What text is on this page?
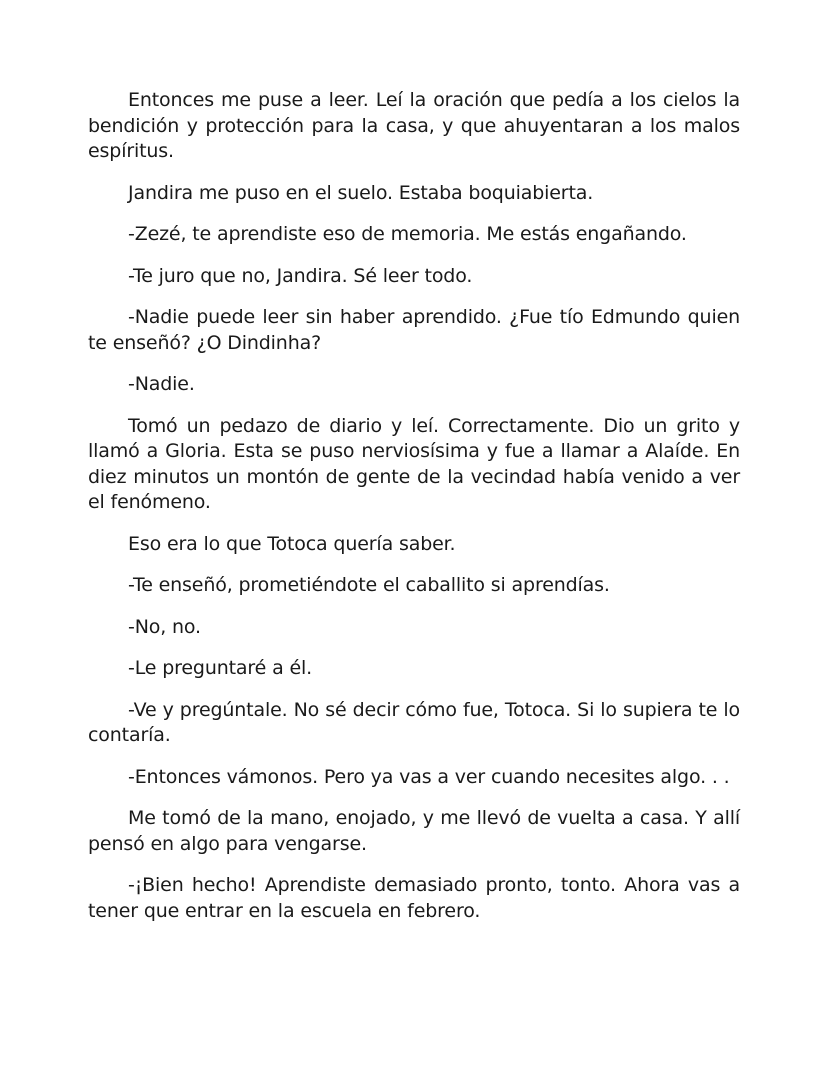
Entonces me puse a leer. Leí la oración que pedía a los cielos la bendición y protección para la casa, y que ahuyentaran a los malos espíritus.

Jandira me puso en el suelo. Estaba boquiabierta.

-Zezé, te aprendiste eso de memoria. Me estás engañando.

-Te juro que no, Jandira. Sé leer todo.

-Nadie puede leer sin haber aprendido. ¿Fue tío Edmundo quien te enseñó? ¿O Dindinha?

-Nadie.

Tomó un pedazo de diario y leí. Correctamente. Dio un grito y llamó a Gloria. Esta se puso nerviosísima y fue a llamar a Alaíde. En diez minutos un montón de gente de la vecindad había venido a ver el fenómeno.

Eso era lo que Totoca quería saber.

-Te enseñó, prometiéndote el caballito si aprendías.

-No, no.

-Le preguntaré a él.

-Ve y pregúntale. No sé decir cómo fue, Totoca. Si lo supiera te lo contaría.

-Entonces vámonos. Pero ya vas a ver cuando necesites algo. . .

Me tomó de la mano, enojado, y me llevó de vuelta a casa. Y allí pensó en algo para vengarse.

-¡Bien hecho! Aprendiste demasiado pronto, tonto. Ahora vas a tener que entrar en la escuela en febrero.
